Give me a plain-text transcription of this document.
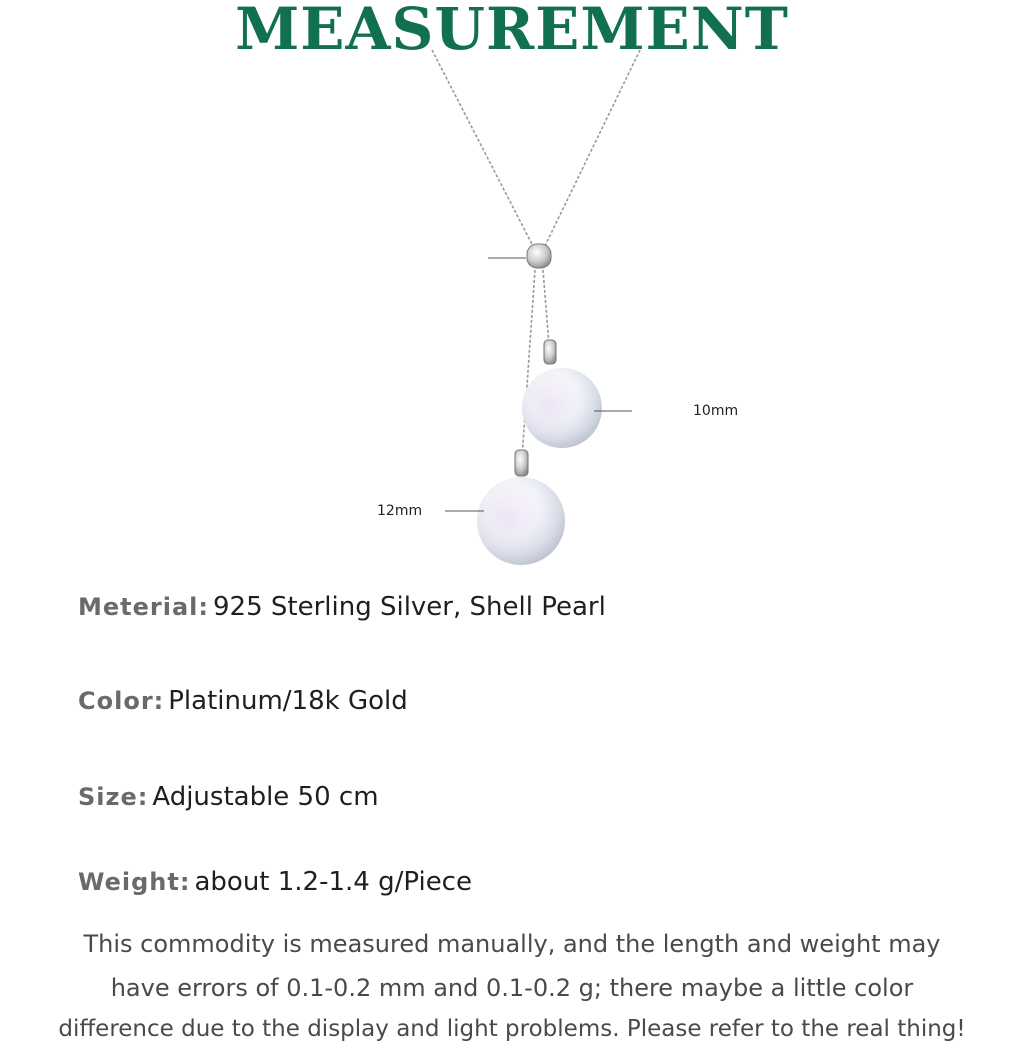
MEASUREMENT
10mm
12mm
Meterial: 925 Sterling Silver, Shell Pearl
Color: Platinum/18k Gold
Size: Adjustable 50 cm
Weight: about 1.2-1.4 g/Piece
This commodity is measured manually, and the length and weight may
have errors of 0.1-0.2 mm and 0.1-0.2 g; there maybe a little color
difference due to the display and light problems. Please refer to the real thing!
